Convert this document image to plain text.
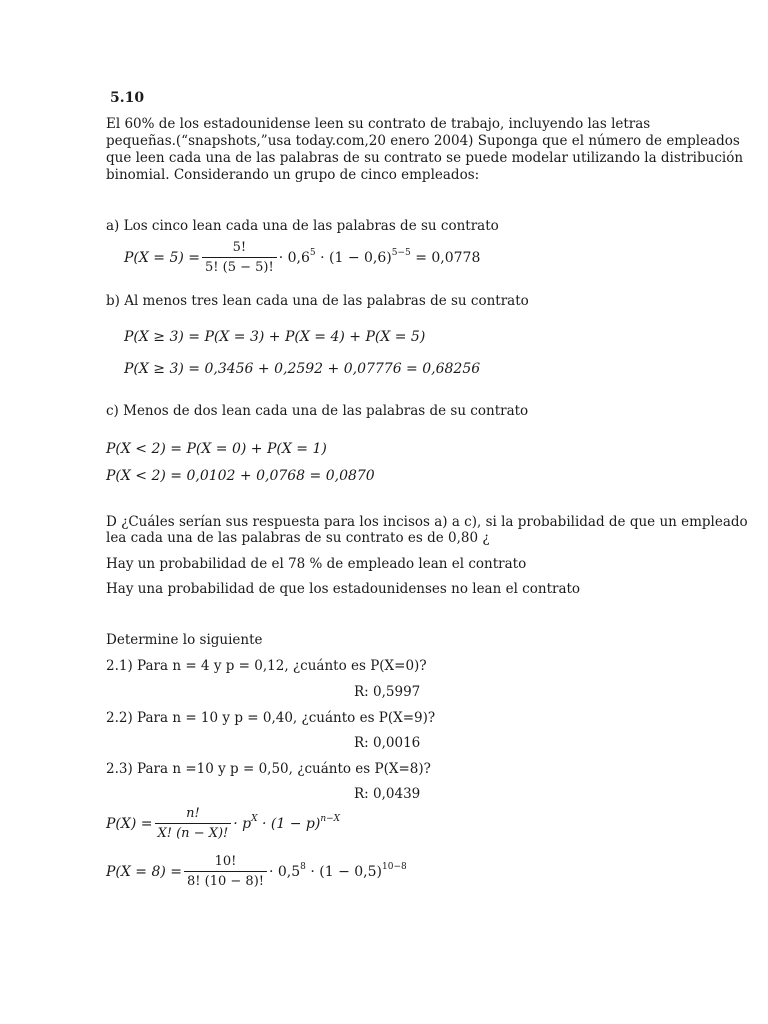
5.10
El 60% de los estadounidense leen su contrato de trabajo, incluyendo las letras
pequeñas.(“snapshots,”usa today.com,20 enero 2004) Suponga que el número de empleados
que leen cada una de las palabras de su contrato se puede modelar utilizando la distribución
binomial. Considerando un grupo de cinco empleados:
a) Los cinco lean cada una de las palabras de su contrato
$P(X = 5) = \frac{5!}{5! (5 - 5)!} \cdot 0,6^5$
· $(1 - 0,6)^{5-5}$
= 0,0778
b) Al menos tres lean cada una de las palabras de su contrato
P(X ≥ 3) = P(X = 3) + P(X = 4) + P(X = 5)
P(X ≥ 3) = 0,3456 + 0,2592 + 0,07776 = 0,68256
c) Menos de dos lean cada una de las palabras de su contrato
P(X < 2) = P(X = 0) + P(X = 1)
P(X < 2) = 0,0102 + 0,0768 = 0,0870
D ¿Cuáles serían sus respuesta para los incisos a) a c), si la probabilidad de que un empleado
lea cada una de las palabras de su contrato es de 0,80 ¿
Hay un probabilidad de el 78 % de empleado lean el contrato
Hay una probabilidad de que los estadounidenses no lean el contrato
Determine lo siguiente
2.1) Para n = 4 y p = 0,12, ¿cuánto es P(X=0)?
R: 0,5997
2.2) Para n = 10 y p = 0,40, ¿cuánto es P(X=9)?
R: 0,0016
2.3) Para n =10 y p = 0,50, ¿cuánto es P(X=8)?
R: 0,0439
$P(X) = \frac{n!}{X! (n - X)!} \cdot p^X$
· $(1 - p)^{n-X}$
$P(X = 8) = \frac{10!}{8! (10 - 8)!} \cdot 0,5^8$
· $(1 - 0,5)^{10-8}$
